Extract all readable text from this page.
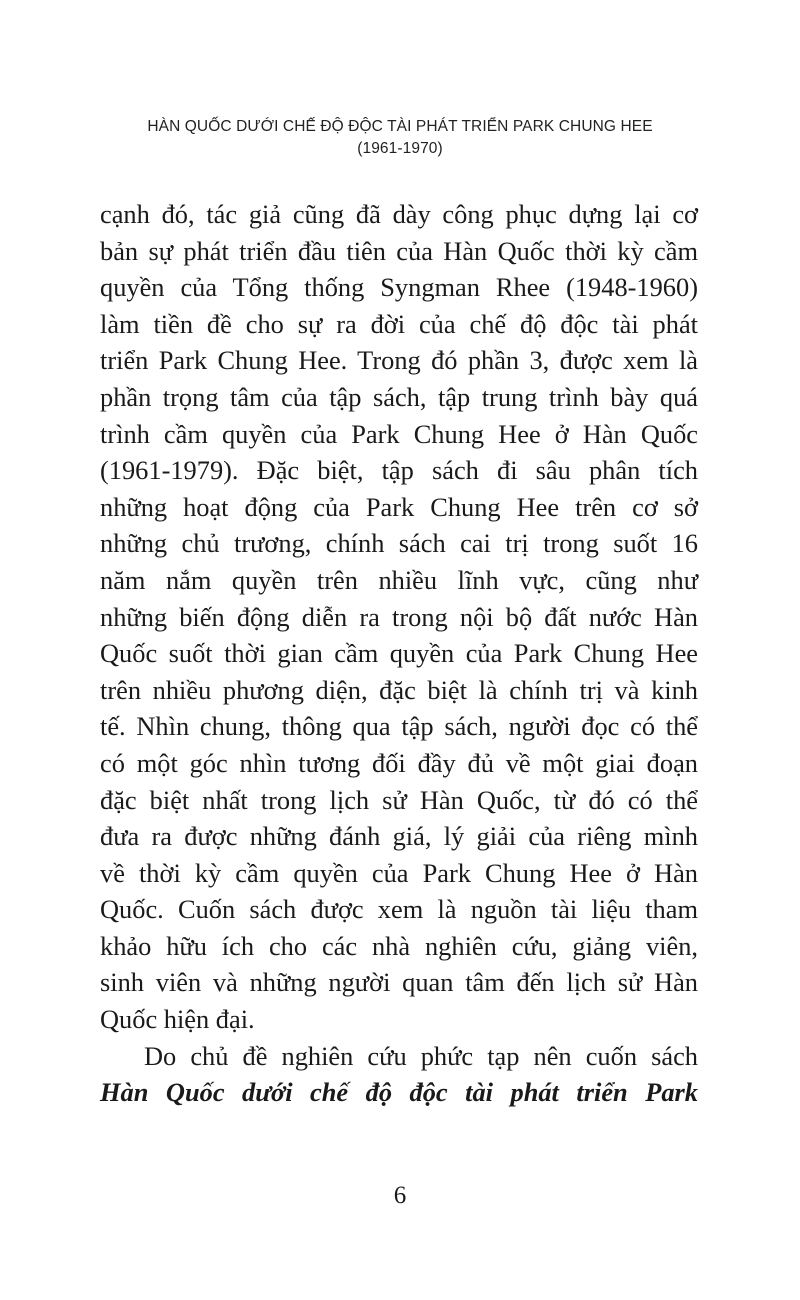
HÀN QUỐC DƯỚI CHẾ ĐỘ ĐỘC TÀI PHÁT TRIỂN PARK CHUNG HEE
(1961-1970)

cạnh đó, tác giả cũng đã dày công phục dựng lại cơ

bản sự phát triển đầu tiên của Hàn Quốc thời kỳ cầm

quyền của Tổng thống Syngman Rhee (1948-1960)

làm tiền đề cho sự ra đời của chế độ độc tài phát

triển Park Chung Hee. Trong đó phần 3, được xem là

phần trọng tâm của tập sách, tập trung trình bày quá

trình cầm quyền của Park Chung Hee ở Hàn Quốc

(1961-1979). Đặc biệt, tập sách đi sâu phân tích

những hoạt động của Park Chung Hee trên cơ sở

những chủ trương, chính sách cai trị trong suốt 16

năm nắm quyền trên nhiều lĩnh vực, cũng như

những biến động diễn ra trong nội bộ đất nước Hàn

Quốc suốt thời gian cầm quyền của Park Chung Hee

trên nhiều phương diện, đặc biệt là chính trị và kinh

tế. Nhìn chung, thông qua tập sách, người đọc có thể

có một góc nhìn tương đối đầy đủ về một giai đoạn

đặc biệt nhất trong lịch sử Hàn Quốc, từ đó có thể

đưa ra được những đánh giá, lý giải của riêng mình

về thời kỳ cầm quyền của Park Chung Hee ở Hàn

Quốc. Cuốn sách được xem là nguồn tài liệu tham

khảo hữu ích cho các nhà nghiên cứu, giảng viên,

sinh viên và những người quan tâm đến lịch sử Hàn

Quốc hiện đại.

Do chủ đề nghiên cứu phức tạp nên cuốn sách

Hàn Quốc dưới chế độ độc tài phát triển Park

6
